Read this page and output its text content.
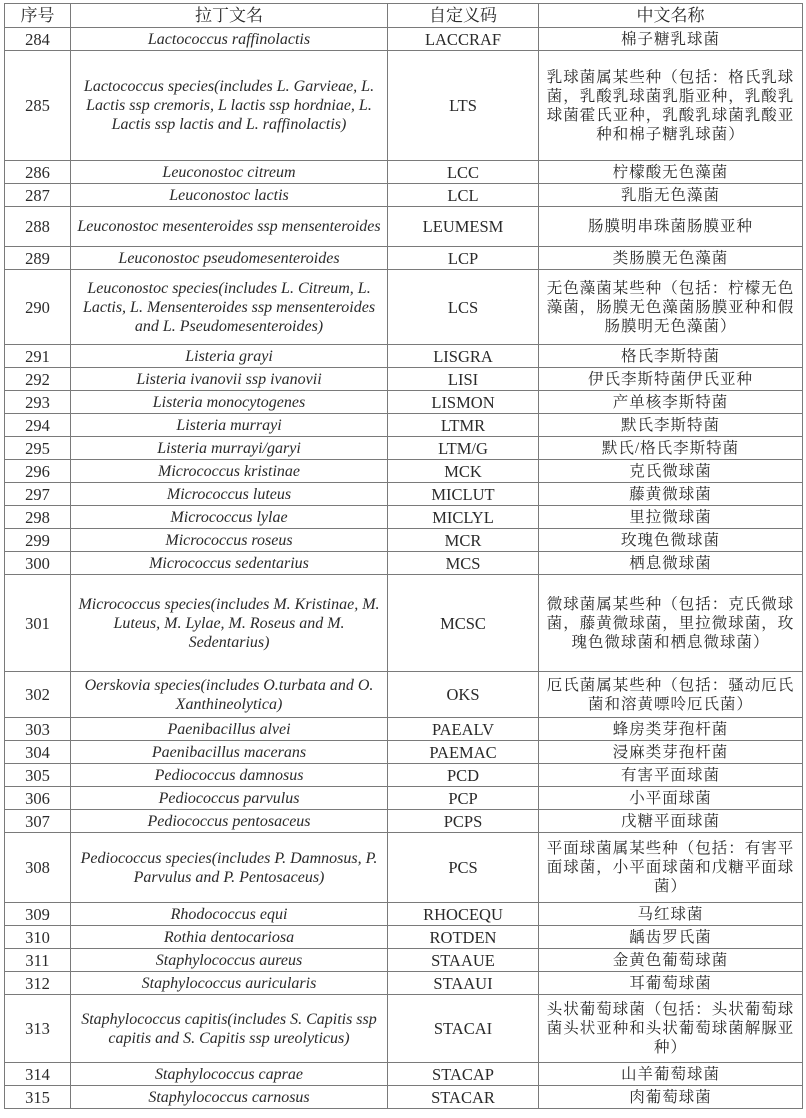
序号	拉丁文名	自定义码	中文名称
284	Lactococcus raffinolactis	LACCRAF	棉子糖乳球菌
285	Lactococcus species(includes L. Garvieae, L. Lactis ssp cremoris, L lactis ssp hordniae, L. Lactis ssp lactis and L. raffinolactis)	LTS	乳球菌属某些种（包括：格氏乳球菌，乳酸乳球菌乳脂亚种，乳酸乳球菌霍氏亚种，乳酸乳球菌乳酸亚种和棉子糖乳球菌）
286	Leuconostoc citreum	LCC	柠檬酸无色藻菌
287	Leuconostoc lactis	LCL	乳脂无色藻菌
288	Leuconostoc mesenteroides ssp mensenteroides	LEUMESM	肠膜明串珠菌肠膜亚种
289	Leuconostoc pseudomesenteroides	LCP	类肠膜无色藻菌
290	Leuconostoc species(includes L. Citreum, L. Lactis, L. Mensenteroides ssp mensenteroides and L. Pseudomesenteroides)	LCS	无色藻菌某些种（包括：柠檬无色藻菌，肠膜无色藻菌肠膜亚种和假肠膜明无色藻菌）
291	Listeria grayi	LISGRA	格氏李斯特菌
292	Listeria ivanovii ssp ivanovii	LISI	伊氏李斯特菌伊氏亚种
293	Listeria monocytogenes	LISMON	产单核李斯特菌
294	Listeria murrayi	LTMR	默氏李斯特菌
295	Listeria murrayi/garyi	LTM/G	默氏/格氏李斯特菌
296	Micrococcus kristinae	MCK	克氏微球菌
297	Micrococcus luteus	MICLUT	藤黄微球菌
298	Micrococcus lylae	MICLYL	里拉微球菌
299	Micrococcus roseus	MCR	玫瑰色微球菌
300	Micrococcus sedentarius	MCS	栖息微球菌
301	Micrococcus species(includes M. Kristinae, M. Luteus, M. Lylae, M. Roseus and M. Sedentarius)	MCSC	微球菌属某些种（包括：克氏微球菌，藤黄微球菌，里拉微球菌，玫瑰色微球菌和栖息微球菌）
302	Oerskovia species(includes O.turbata and O. Xanthineolytica)	OKS	厄氏菌属某些种（包括：骚动厄氏菌和溶黄嘌呤厄氏菌）
303	Paenibacillus alvei	PAEALV	蜂房类芽孢杆菌
304	Paenibacillus macerans	PAEMAC	浸麻类芽孢杆菌
305	Pediococcus damnosus	PCD	有害平面球菌
306	Pediococcus parvulus	PCP	小平面球菌
307	Pediococcus pentosaceus	PCPS	戊糖平面球菌
308	Pediococcus species(includes P. Damnosus, P. Parvulus and P. Pentosaceus)	PCS	平面球菌属某些种（包括：有害平面球菌，小平面球菌和戊糖平面球菌）
309	Rhodococcus equi	RHOCEQU	马红球菌
310	Rothia dentocariosa	ROTDEN	龋齿罗氏菌
311	Staphylococcus aureus	STAAUE	金黄色葡萄球菌
312	Staphylococcus auricularis	STAAUI	耳葡萄球菌
313	Staphylococcus capitis(includes S. Capitis ssp capitis and S. Capitis ssp ureolyticus)	STACAI	头状葡萄球菌（包括：头状葡萄球菌头状亚种和头状葡萄球菌解脲亚种）
314	Staphylococcus caprae	STACAP	山羊葡萄球菌
315	Staphylococcus carnosus	STACAR	肉葡萄球菌
